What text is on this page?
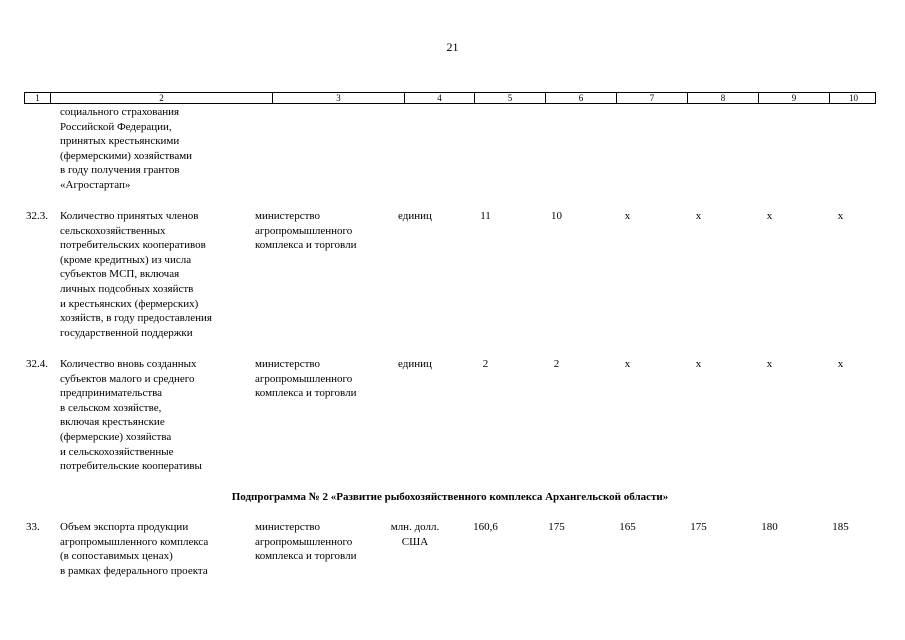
21
1	2	3	4	5	6	7	8	9	10
социального страхования
Российской Федерации,
принятых крестьянскими
(фермерскими) хозяйствами
в году получения грантов
«Агростартап»
32.3.	Количество принятых членов
сельскохозяйственных
потребительских кооперативов
(кроме кредитных) из числа
субъектов МСП, включая
личных подсобных хозяйств
и крестьянских (фермерских)
хозяйств, в году предоставления
государственной поддержки
министерство
агропромышленного
комплекса и торговли
единиц	11	10	х	х	х	х
32.4.	Количество вновь созданных
субъектов малого и среднего
предпринимательства
в сельском хозяйстве,
включая крестьянские
(фермерские) хозяйства
и сельскохозяйственные
потребительские кооперативы
министерство
агропромышленного
комплекса и торговли
единиц	2	2	х	х	х	х
Подпрограмма № 2 «Развитие рыбохозяйственного комплекса Архангельской области»
33.	Объем экспорта продукции
агропромышленного комплекса
(в сопоставимых ценах)
в рамках федерального проекта
министерство
агропромышленного
комплекса и торговли
млн. долл.
США
160,6	175	165	175	180	185
